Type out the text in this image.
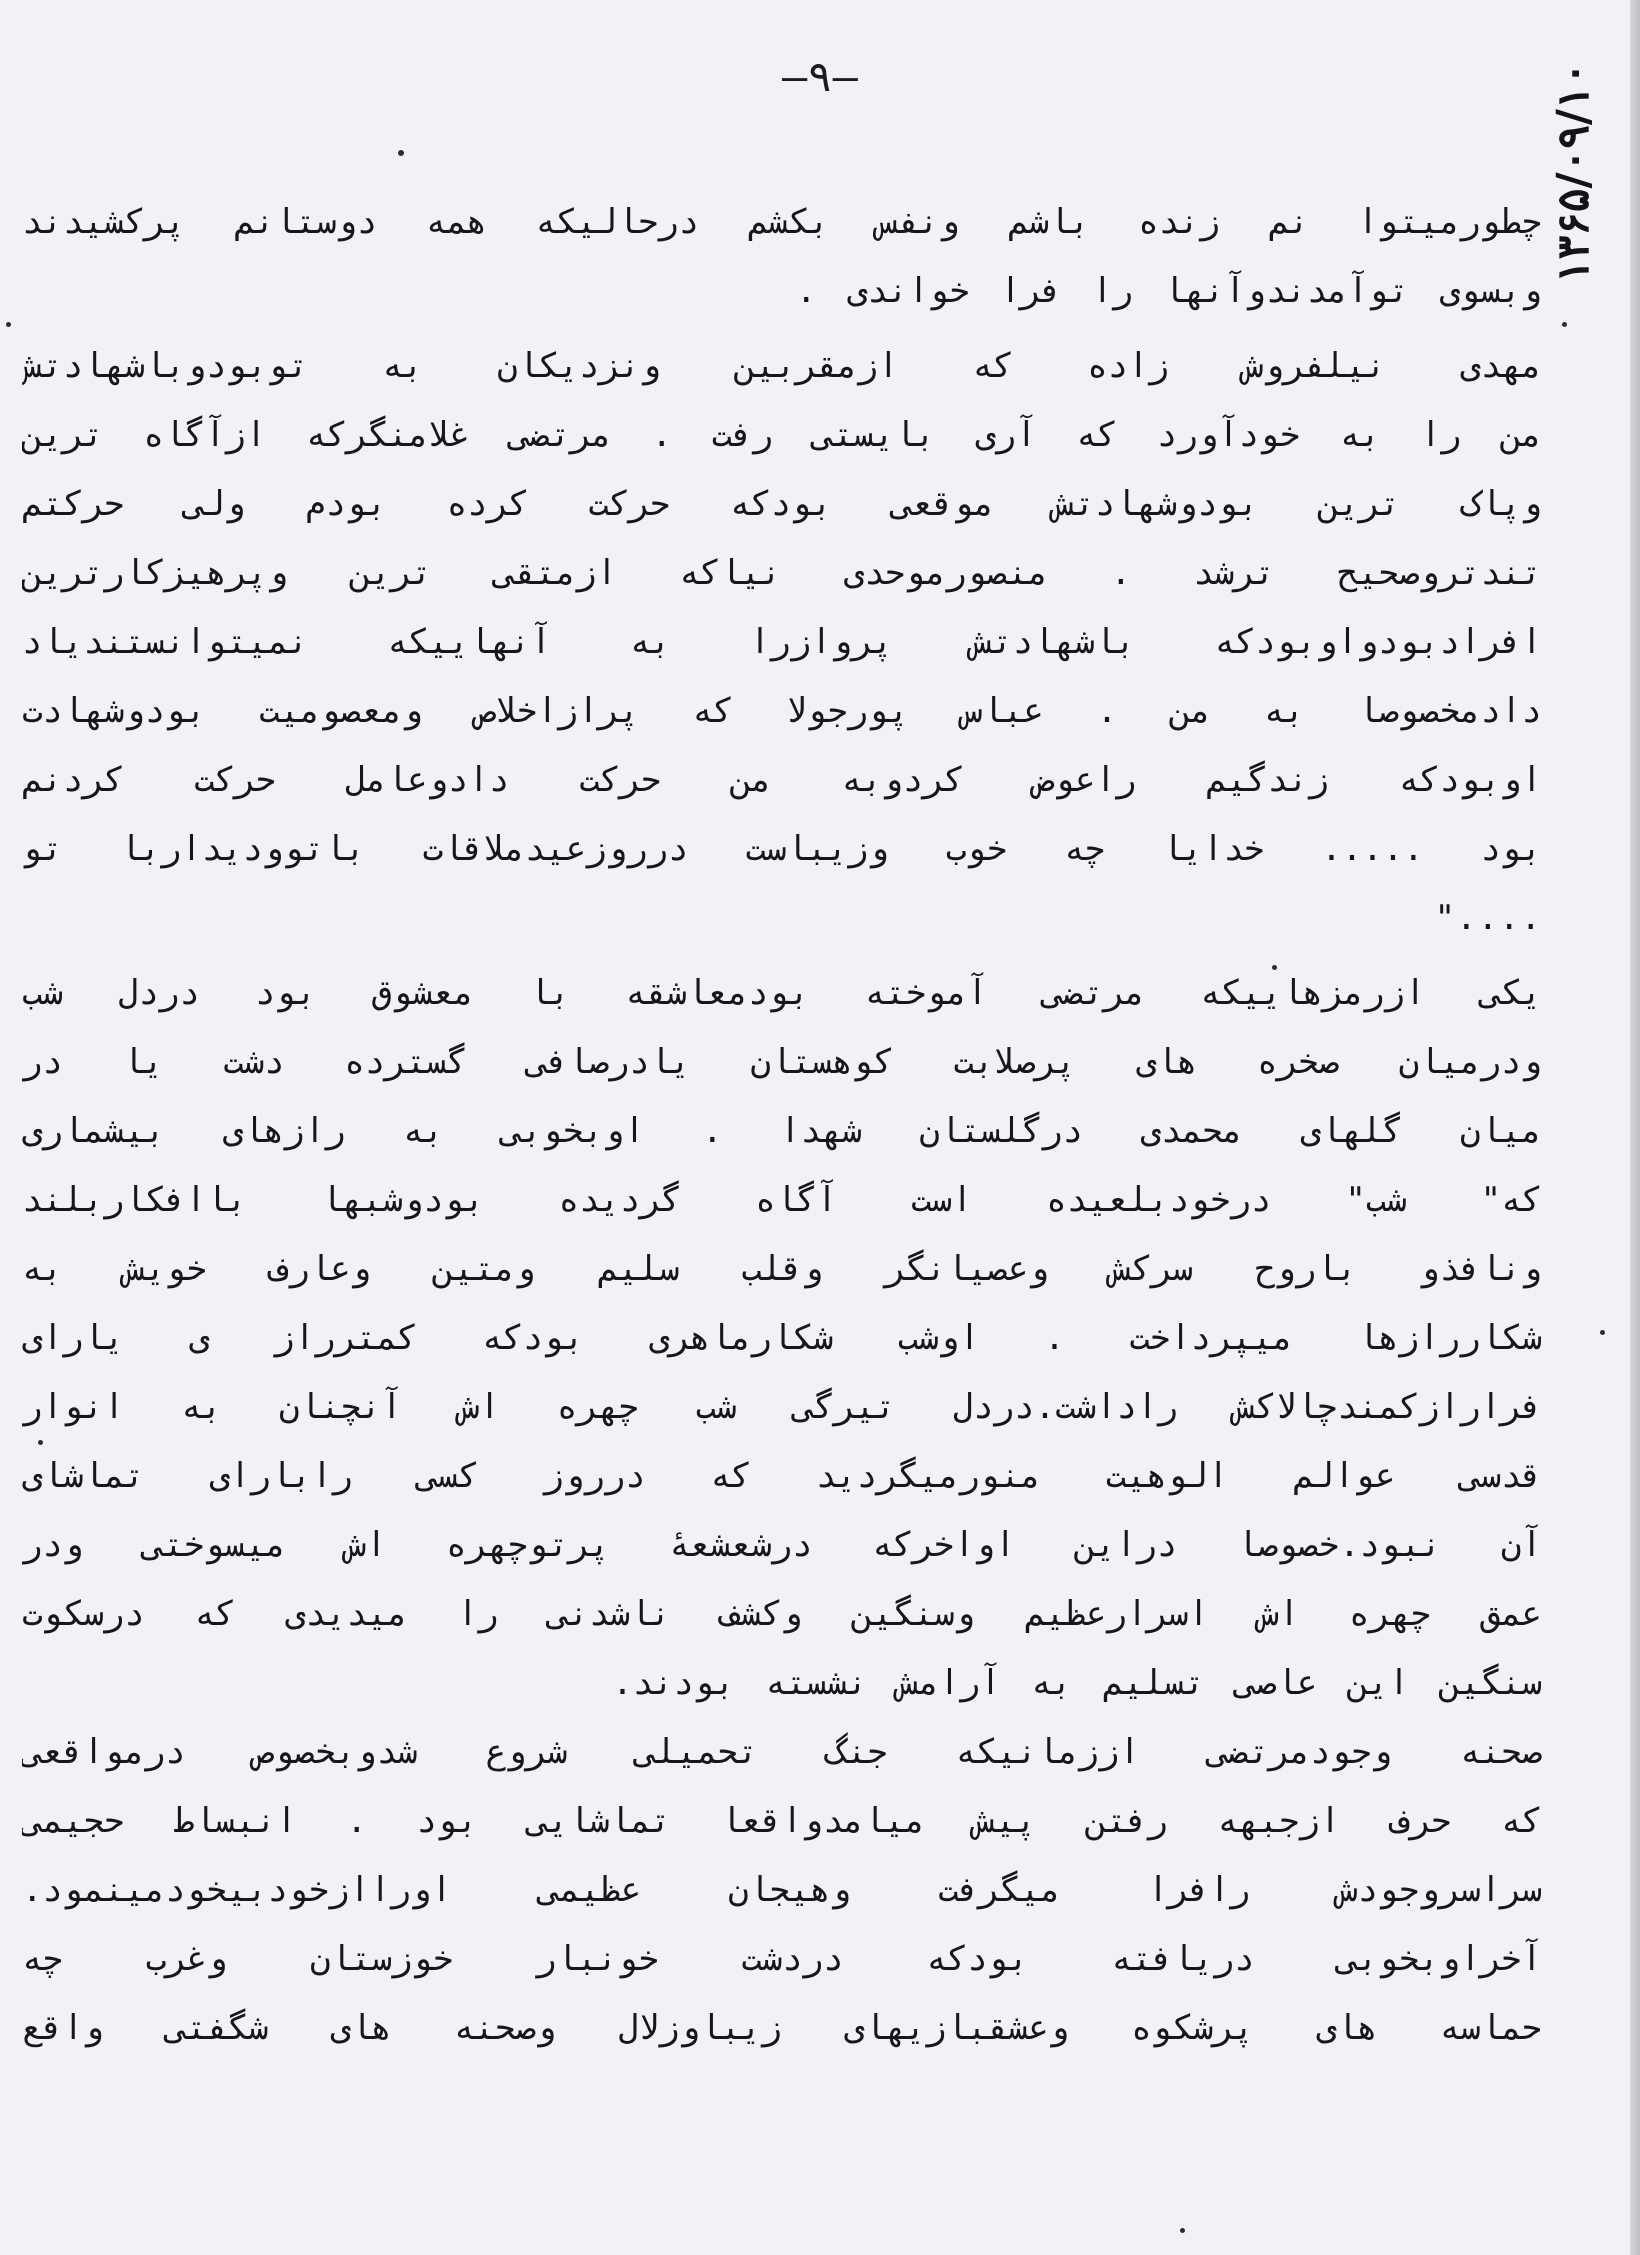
–٩–	۱۳۶۵/۰۹/۱۰
چطورمیتوا نم زنده باشم ونفس بکشم درحالیکه همه دوستانم پرکشیدند
وبسوی توآمدندوآنها را فرا خواندی .
مهدی نیلفروش زاده که ازمقربین ونزدیکان به توبودوباشهادتش
من را به خودآورد که آری بایستی رفت . مرتضی غلامنگرکه ازآگاه ترین
وپاک ترین بودوشهادتش موقعی بودکه حرکت کرده بودم ولی حرکتم
تندتروصحیح ترشد . منصورموحدی نیاکه ازمتقی ترین وپرهیزکارترین
افرادبودواوبودکه باشهادتش پروازرا به آنهاییکه نمیتوانستندیاد
دادمخصوصا به من . عباس پورجولا که پرازاخلاص ومعصومیت بودوشهادت
اوبودکه زندگیم راعوض کردوبه من حرکت دادوعامل حرکت کردنم
بود ..... خدایا چه خوب وزیباست درروزعیدملاقات باتوودیداربا تو
...."
یکی ازرمزهاییکه مرتضی آموخته بودمعاشقه با معشوق بود دردل شب
ودرمیان صخره های پرصلابت کوهستان یادرصافی گسترده دشت یا در
میان گلهای محمدی درگلستان شهدا . اوبخوبی به رازهای بیشماری
که" شب" درخودبلعیده است آگاه گردیده بودوشبها باافکاربلند
ونافذو باروح سرکش وعصیانگر وقلب سلیم ومتین وعارف خویش به
شکاررازها میپرداخت . اوشب شکارماهری بودکه کمترراز ی یارای
فرارازکمندچالاکش راداشت.دردل تیرگی شب چهره اش آنچنان به انوار
قدسی عوالم الوهیت منورمیگردید که درروز کسی رابارای تماشای
آن نبود.خصوصا دراین اواخرکه درشعشعهٔ پرتوچهره اش میسوختی ودر
عمق چهره اش اسرارعظیم وسنگین وکشف ناشدنی را میدیدی که درسکوت
سنگین این عاصی تسلیم به آرامش نشسته بودند.
صحنه وجودمرتضی اززمانیکه جنگ تحمیلی شروع شدوبخصوص درمواقعی
که حرف ازجبهه رفتن پیش میامدواقعا تماشایی بود . انبساط حجیمی
سراسروجودش رافرا میگرفت وهیجان عظیمی اوراازخودبیخودمینمود.
آخراوبخوبی دریافته بودکه دردشت خونبار خوزستان وغرب چه
حماسه های پرشکوه وعشقبازیهای زیباوزلال وصحنه های شگفتی واقع
